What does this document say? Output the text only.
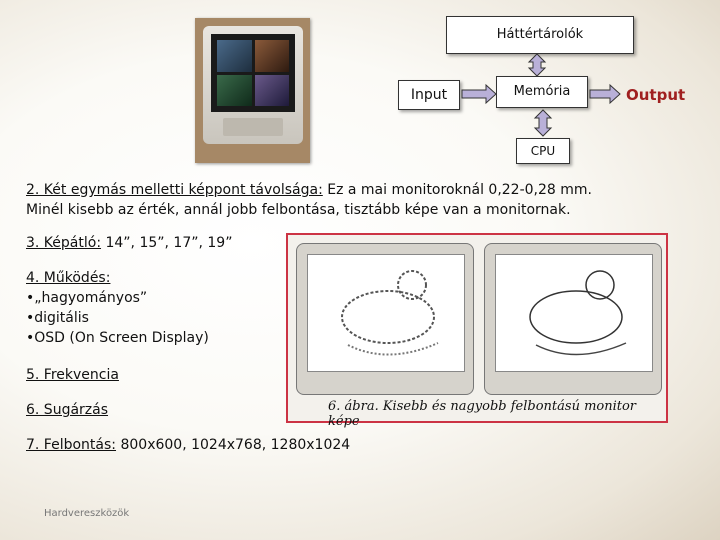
Háttértárolók
Input	Memória	Output
CPU
2. Két egymás melletti képpont távolsága: Ez a mai monitoroknál 0,22-0,28 mm.
Minél kisebb az érték, annál jobb felbontása, tisztább képe van a monitornak.
3. Képátló: 14”, 15”, 17”, 19”
4. Működés:
•„hagyományos”
•digitális
•OSD (On Screen Display)
5. Frekvencia
6. Sugárzás
7. Felbontás: 800x600, 1024x768, 1280x1024
6. ábra. Kisebb és nagyobb felbontású monitor képe
Hardvereszközök
